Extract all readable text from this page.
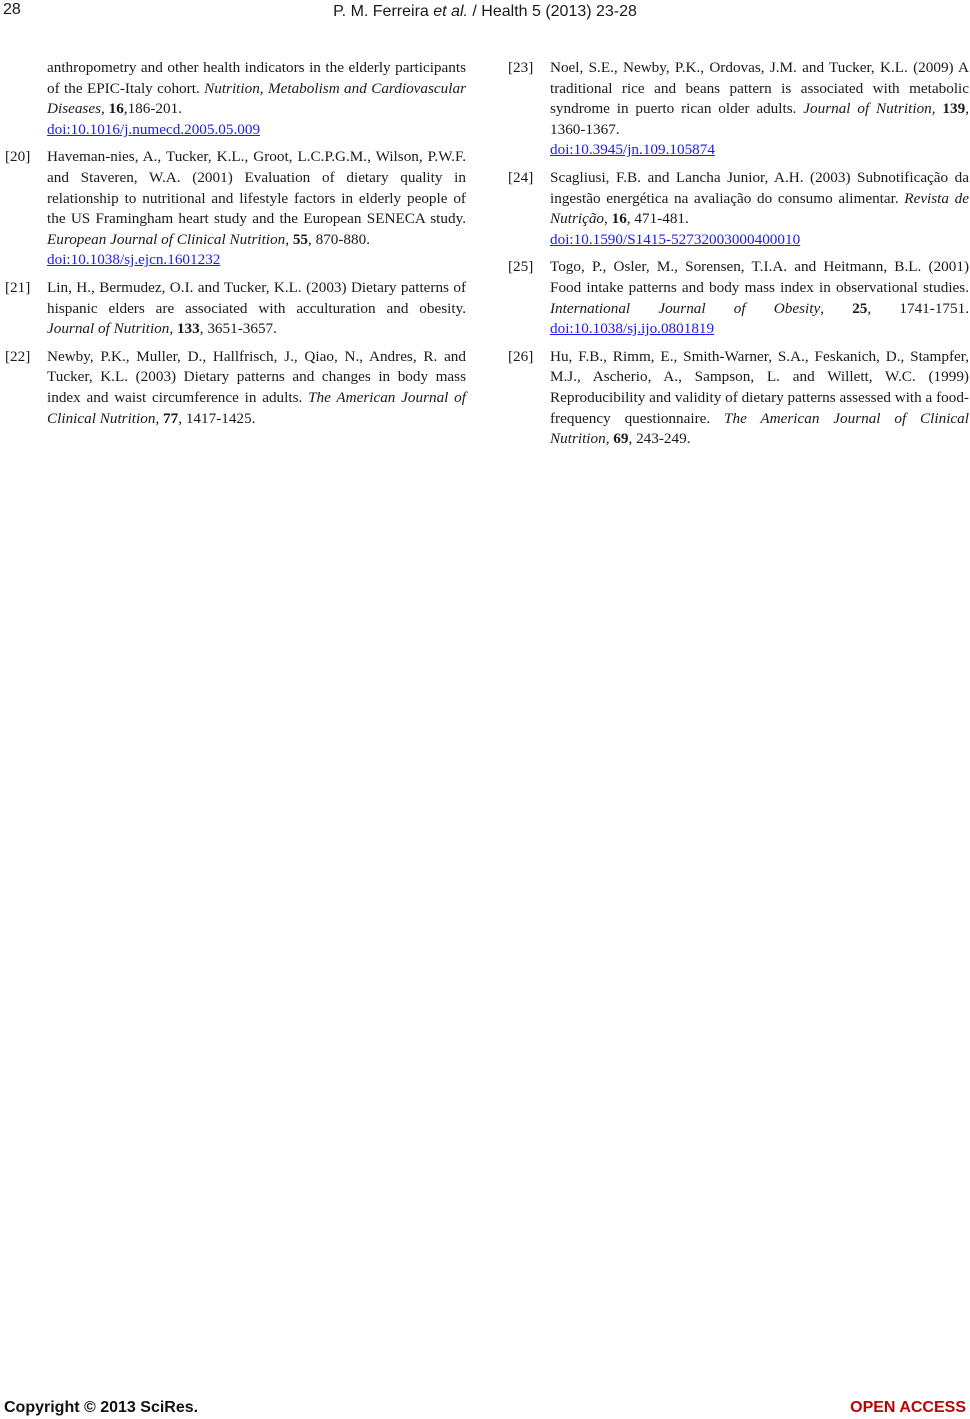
28	P. M. Ferreira et al. / Health 5 (2013) 23-28
anthropometry and other health indicators in the elderly participants of the EPIC-Italy cohort. Nutrition, Metabolism and Cardiovascular Diseases, 16,186-201.
doi:10.1016/j.numecd.2005.05.009
[20] Haveman-nies, A., Tucker, K.L., Groot, L.C.P.G.M., Wilson, P.W.F. and Staveren, W.A. (2001) Evaluation of dietary quality in relationship to nutritional and lifestyle factors in elderly people of the US Framingham heart study and the European SENECA study. European Journal of Clinical Nutrition, 55, 870-880.
doi:10.1038/sj.ejcn.1601232
[21] Lin, H., Bermudez, O.I. and Tucker, K.L. (2003) Dietary patterns of hispanic elders are associated with acculturation and obesity. Journal of Nutrition, 133, 3651-3657.
[22] Newby, P.K., Muller, D., Hallfrisch, J., Qiao, N., Andres, R. and Tucker, K.L. (2003) Dietary patterns and changes in body mass index and waist circumference in adults. The American Journal of Clinical Nutrition, 77, 1417-1425.
[23] Noel, S.E., Newby, P.K., Ordovas, J.M. and Tucker, K.L. (2009) A traditional rice and beans pattern is associated with metabolic syndrome in puerto rican older adults. Journal of Nutrition, 139, 1360-1367.
doi:10.3945/jn.109.105874
[24] Scagliusi, F.B. and Lancha Junior, A.H. (2003) Subnotificação da ingestão energética na avaliação do consumo alimentar. Revista de Nutrição, 16, 471-481.
doi:10.1590/S1415-52732003000400010
[25] Togo, P., Osler, M., Sorensen, T.I.A. and Heitmann, B.L. (2001) Food intake patterns and body mass index in observational studies. International Journal of Obesity, 25, 1741-1751. doi:10.1038/sj.ijo.0801819
[26] Hu, F.B., Rimm, E., Smith-Warner, S.A., Feskanich, D., Stampfer, M.J., Ascherio, A., Sampson, L. and Willett, W.C. (1999) Reproducibility and validity of dietary patterns assessed with a food-frequency questionnaire. The American Journal of Clinical Nutrition, 69, 243-249.
Copyright © 2013 SciRes.	OPEN ACCESS
